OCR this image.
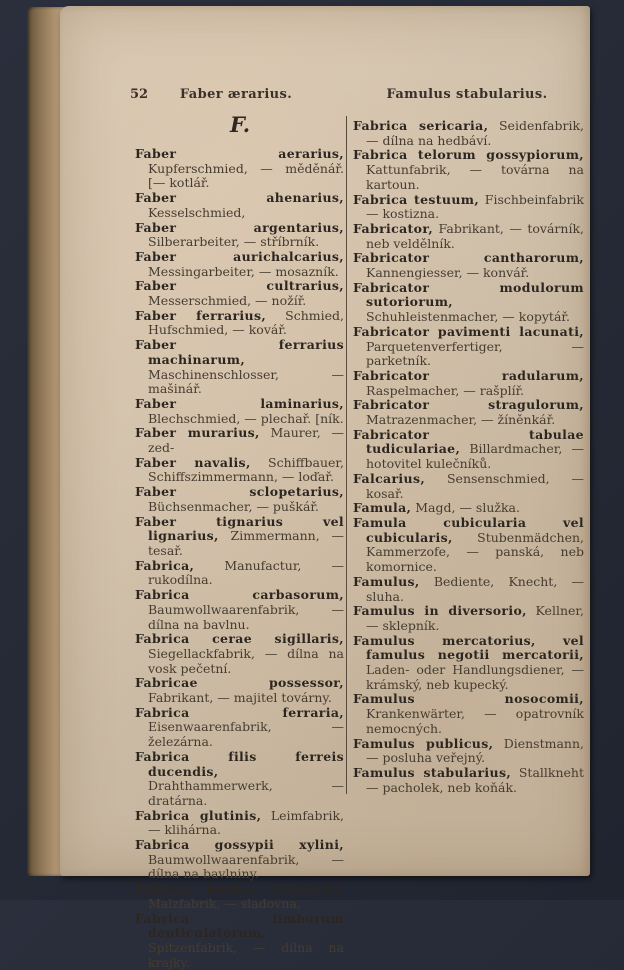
52	Faber ærarius.	Famulus stabularius.
F.

Faber aerarius, Kupferschmied, — měděnář. [— kotlář.

Faber ahenarius, Kesselschmied,

Faber argentarius, Silberarbeiter, — stříbrník.

Faber aurichalcarius, Messingarbeiter, — mosazník.

Faber cultrarius, Messerschmied, — nožíř.

Faber ferrarius, Schmied, Hufschmied, — kovář.

Faber ferrarius machinarum, Maschinenschlosser, — mašinář.

Faber laminarius, Blechschmied, — plechař. [ník.

Faber murarius, Maurer, — zed-

Faber navalis, Schiffbauer, Schiffszimmermann, — loďař.

Faber sclopetarius, Büchsenmacher, — puškář.

Faber tignarius vel lignarius, Zimmermann, — tesař.

Fabrica, Manufactur, — rukodílna.

Fabrica carbasorum, Baumwollwaarenfabrik, — dílna na bavlnu.

Fabrica cerae sigillaris, Siegellackfabrik, — dílna na vosk pečetní.

Fabricae possessor, Fabrikant, — majitel továrny.

Fabrica ferraria, Eisenwaarenfabrik, — železárna.

Fabrica filis ferreis ducendis, Drahthammerwerk, — dratárna.

Fabrica glutinis, Leimfabrik, — klihárna.

Fabrica gossypii xylini, Baumwollwaarenfabrik, — dílna na bavlniny.

Fabrica hordeo torrendo, Malzfabrik, — sladovna.

Fabrica limborum denticulatorum, Spitzenfabrik, — dílna na krajky.

Fabrica sericaria, Seidenfabrik, — dílna na hedbáví.

Fabrica telorum gossypiorum, Kattunfabrik, — továrna na kartoun.

Fabrica testuum, Fischbeinfabrik — kostizna.

Fabricator, Fabrikant, — továrník, neb veldělník.

Fabricator cantharorum, Kannengiesser, — konvář.

Fabricator modulorum sutoriorum, Schuhleistenmacher, — kopytář.

Fabricator pavimenti lacunati, Parquetenverfertiger, — parketník.

Fabricator radularum, Raspelmacher, — rašplíř.

Fabricator stragulorum, Matrazenmacher, — žíněnkář.

Fabricator tabulae tudiculariae, Billardmacher, — hotovitel kulečníků.

Falcarius, Sensenschmied, — kosař.

Famula, Magd, — služka.

Famula cubicularia vel cubicularis, Stubenmädchen, Kammerzofe, — panská, neb komornice.

Famulus, Bediente, Knecht, — sluha.

Famulus in diversorio, Kellner, — sklepník.

Famulus mercatorius, vel famulus negotii mercatorii, Laden- oder Handlungsdiener, — krámský, neb kupecký.

Famulus nosocomii, Krankenwärter, — opatrovník nemocných.

Famulus publicus, Dienstmann, — posluha veřejný.

Famulus stabularius, Stallkneht — pacholek, neb koňák.
